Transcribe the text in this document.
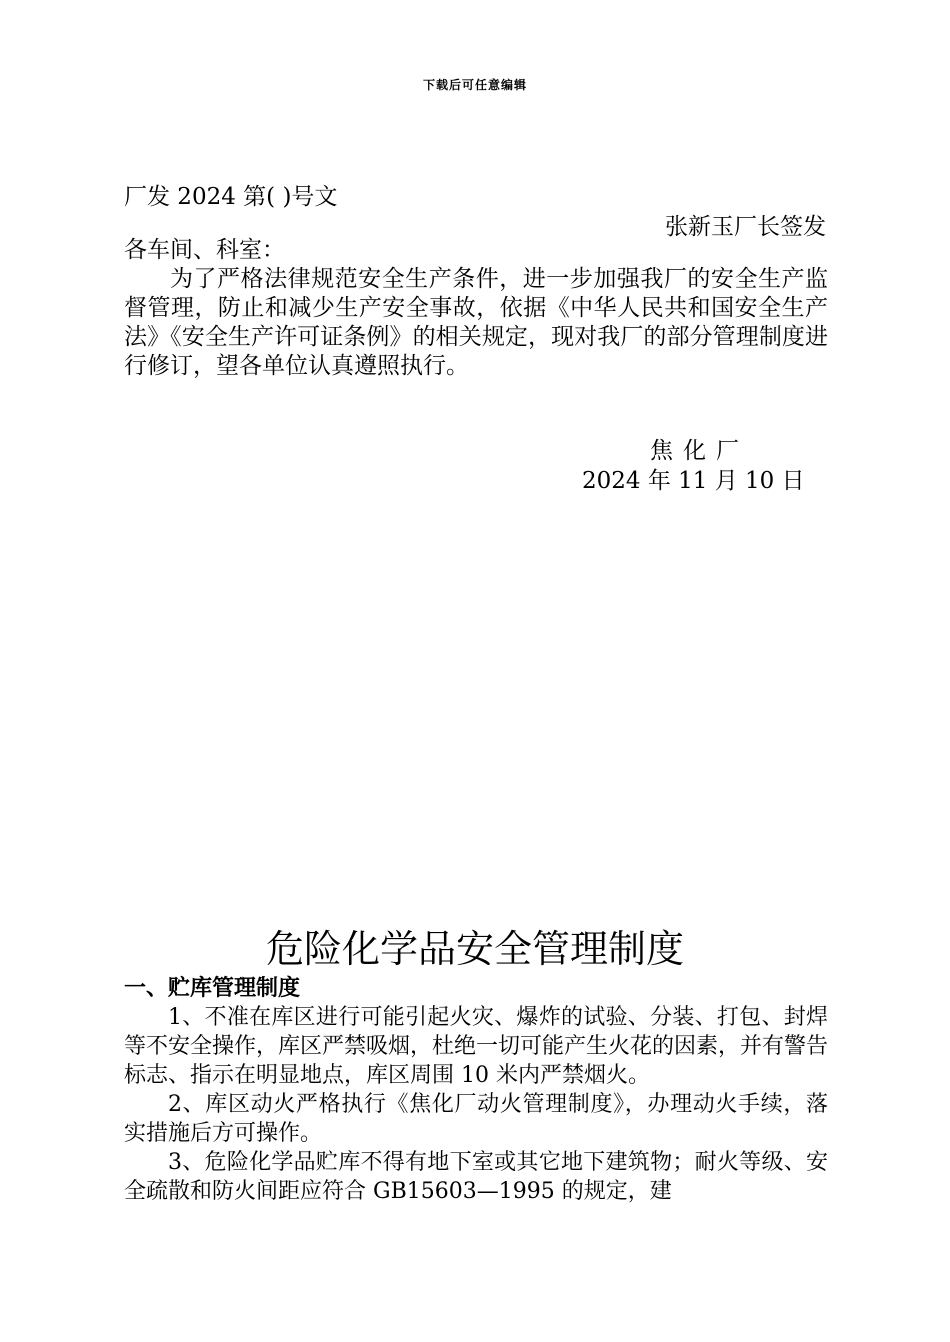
下载后可任意编辑
厂发 2024 第( )号文
张新玉厂长签发

各车间、科室：

为了严格法律规范安全生产条件，进一步加强我厂的安全生产监督管理，防止和减少生产安全事故，依据《中华人民共和国安全生产法》《安全生产许可证条例》的相关规定，现对我厂的部分管理制度进行修订，望各单位认真遵照执行。

焦化厂
2024 年 11 月 10 日
危险化学品安全管理制度

一、贮库管理制度

1、不准在库区进行可能引起火灾、爆炸的试验、分装、打包、封焊等不安全操作，库区严禁吸烟，杜绝一切可能产生火花的因素，并有警告标志、指示在明显地点，库区周围 10 米内严禁烟火。

2、库区动火严格执行《焦化厂动火管理制度》，办理动火手续，落实措施后方可操作。

3、危险化学品贮库不得有地下室或其它地下建筑物；耐火等级、安全疏散和防火间距应符合 GB15603—1995 的规定，建
